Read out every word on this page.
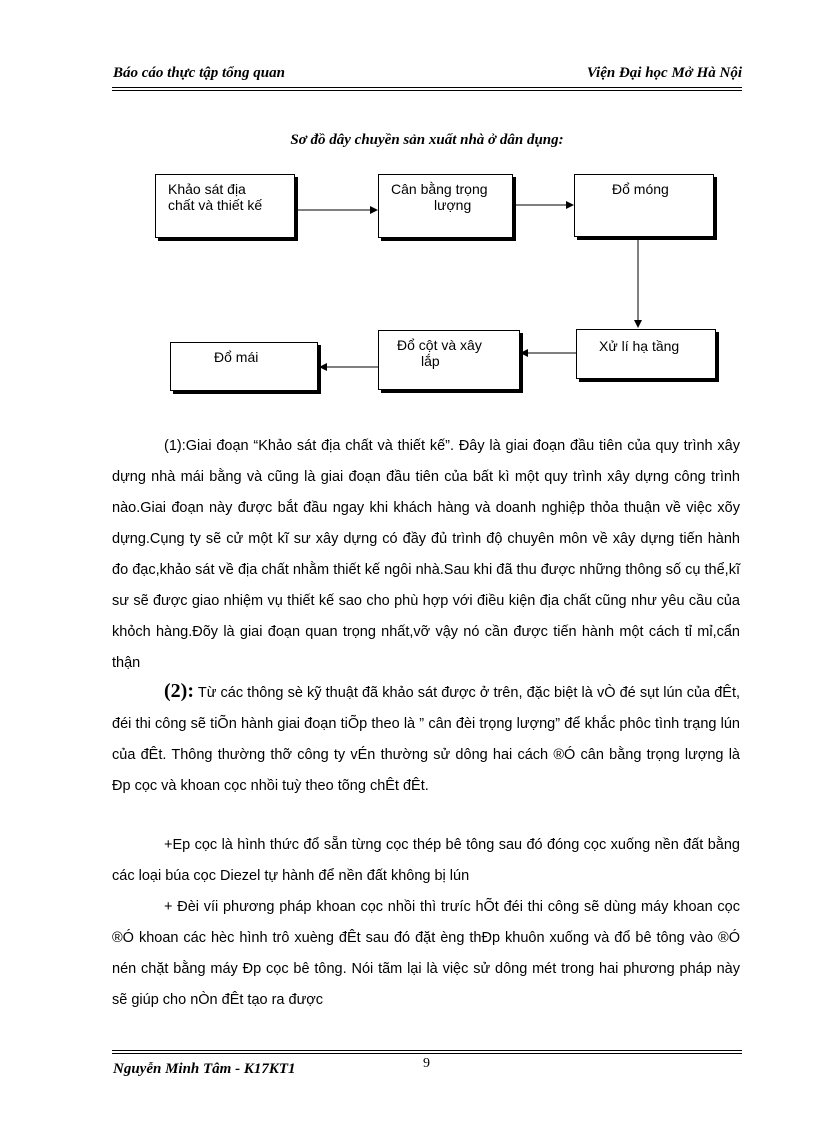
Báo cáo thực tập tổng quan	Viện Đại học Mở Hà Nội
Sơ đồ dây chuyền sản xuất nhà ở dân dụng:
Khảo sát địa
chất và thiết kế
Cân bằng trọng
lượng
Đổ móng
Xử lí hạ tầng
Đổ cột và xây
lắp
Đổ mái

(1):Giai đoạn “Khảo sát địa chất và thiết kế”. Đây là giai đoạn đầu tiên của quy trình xây dựng nhà mái bằng và cũng là giai đoạn đầu tiên của bất kì một quy trình xây dựng công trình nào.Giai đoạn này được bắt đầu ngay khi khách hàng và doanh nghiệp thỏa thuận về việc xõy dựng.Cụng ty sẽ cử một kĩ sư xây dựng có đầy đủ trình độ chuyên môn về xây dựng tiến hành đo đạc,khảo sát về địa chất nhằm thiết kế ngôi nhà.Sau khi đã thu được những thông số cụ thể,kĩ sư sẽ được giao nhiệm vụ thiết kế sao cho phù hợp với điều kiện địa chất cũng như yêu cầu của khỏch hàng.Đõy là giai đoạn quan trọng nhất,vỡ vậy nó cần được tiến hành một cách tỉ mỉ,cẩn thận

(2): Từ các thông sè kỹ thuật đã khảo sát được ở trên, đặc biệt là vÒ đé sụt lún của đÊt, đéi thi công sẽ tiÕn hành giai đoạn tiÕp theo là ” cân đèi trọng lượng” để khắc phôc tình trạng lún của đÊt. Thông thường thỡ công ty vÉn thường sử dông hai cách ®Ó cân bằng trọng lượng là Ðp cọc và khoan cọc nhồi tuỳ theo tõng chÊt đÊt.

+Ep cọc là hình thức đổ sẵn từng cọc thép bê tông sau đó đóng cọc xuống nền đất bằng các loại búa cọc Diezel tự hành để nền đất không bị lún

+ Đèi víi phương pháp khoan cọc nhồi thì trưíc hÕt đéi thi công sẽ dùng máy khoan cọc ®Ó khoan các hèc hình trô xuèng đÊt sau đó đặt èng thÐp khuôn xuống và đổ bê tông vào ®Ó nén chặt bằng máy Ðp cọc bê tông. Nói tãm lại là việc sử dông mét trong hai phương pháp này sẽ giúp cho nÒn đÊt tạo ra được

Nguyễn Minh Tâm - K17KT1	9
